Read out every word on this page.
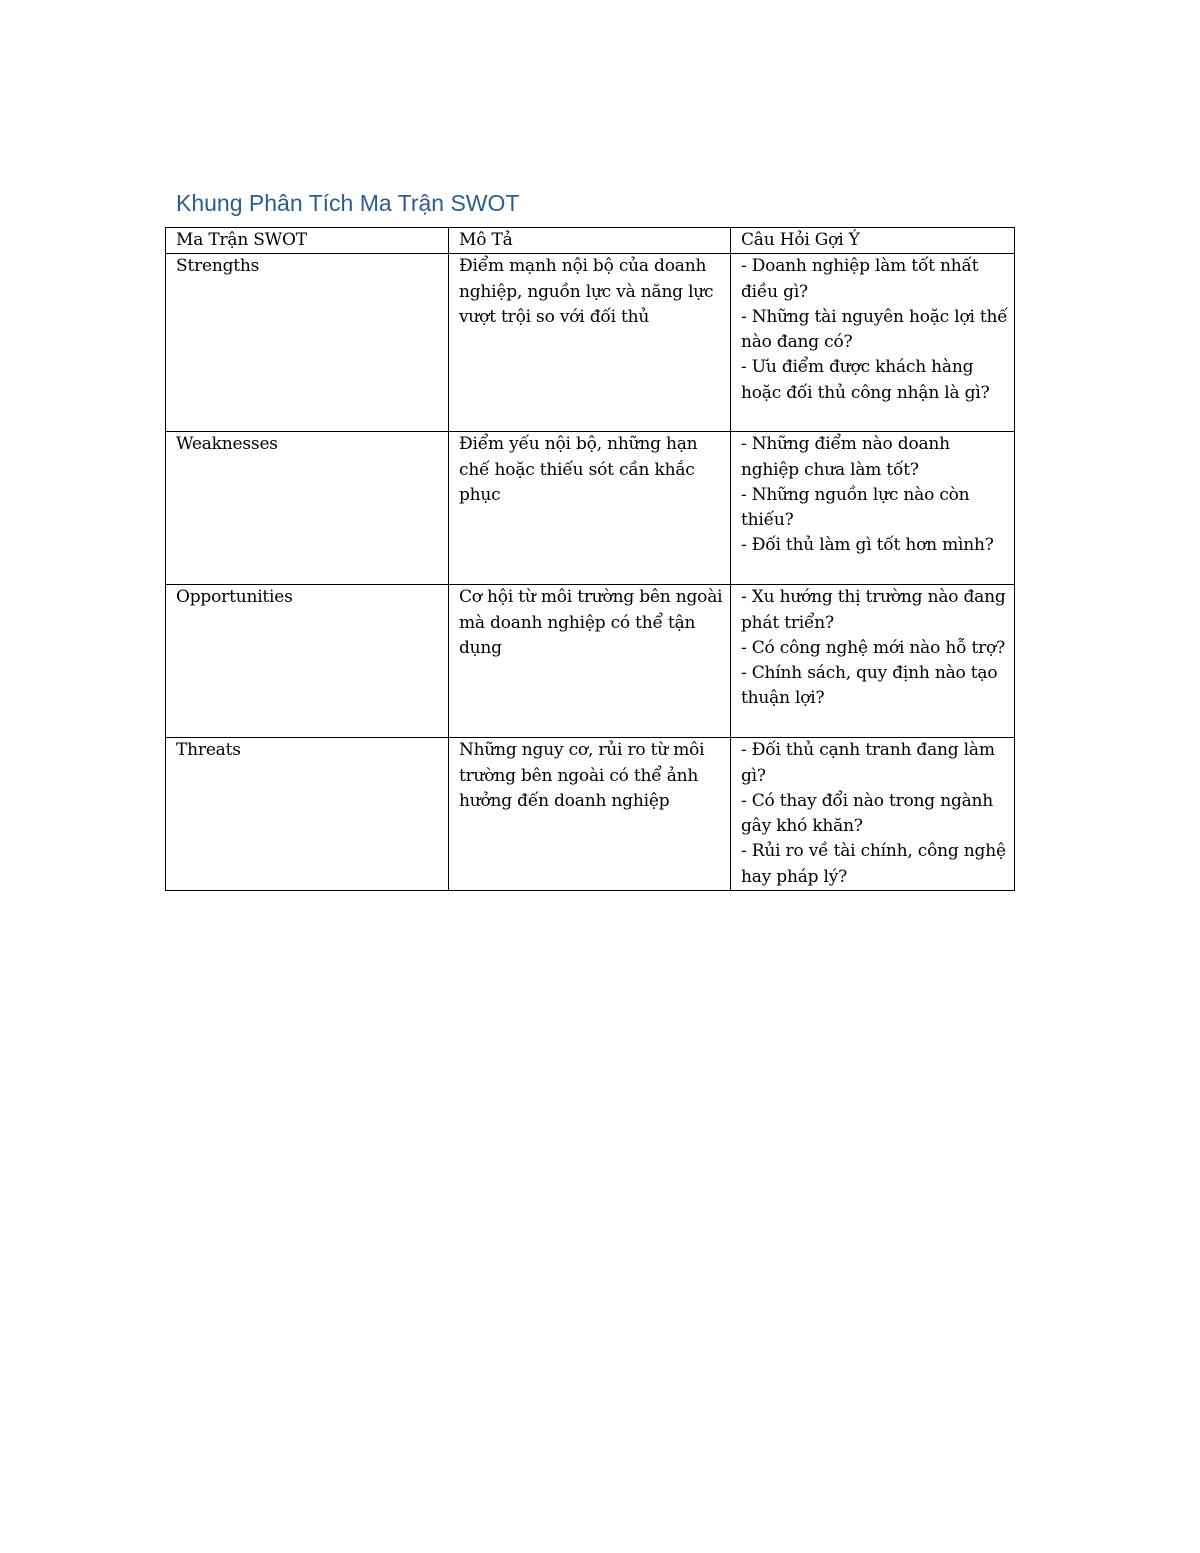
Khung Phân Tích Ma Trận SWOT
Ma Trận SWOT	Mô Tả	Câu Hỏi Gợi Ý
Strengths	Điểm mạnh nội bộ của doanh nghiệp, nguồn lực và năng lực vượt trội so với đối thủ	- Doanh nghiệp làm tốt nhất điều gì?
- Những tài nguyên hoặc lợi thế nào đang có?
- Ưu điểm được khách hàng hoặc đối thủ công nhận là gì?

Weaknesses	Điểm yếu nội bộ, những hạn chế hoặc thiếu sót cần khắc phục	- Những điểm nào doanh nghiệp chưa làm tốt?
- Những nguồn lực nào còn thiếu?
- Đối thủ làm gì tốt hơn mình?

Opportunities	Cơ hội từ môi trường bên ngoài mà doanh nghiệp có thể tận dụng	- Xu hướng thị trường nào đang phát triển?
- Có công nghệ mới nào hỗ trợ?
- Chính sách, quy định nào tạo thuận lợi?

Threats	Những nguy cơ, rủi ro từ môi trường bên ngoài có thể ảnh hưởng đến doanh nghiệp	- Đối thủ cạnh tranh đang làm gì?
- Có thay đổi nào trong ngành gây khó khăn?
- Rủi ro về tài chính, công nghệ hay pháp lý?
